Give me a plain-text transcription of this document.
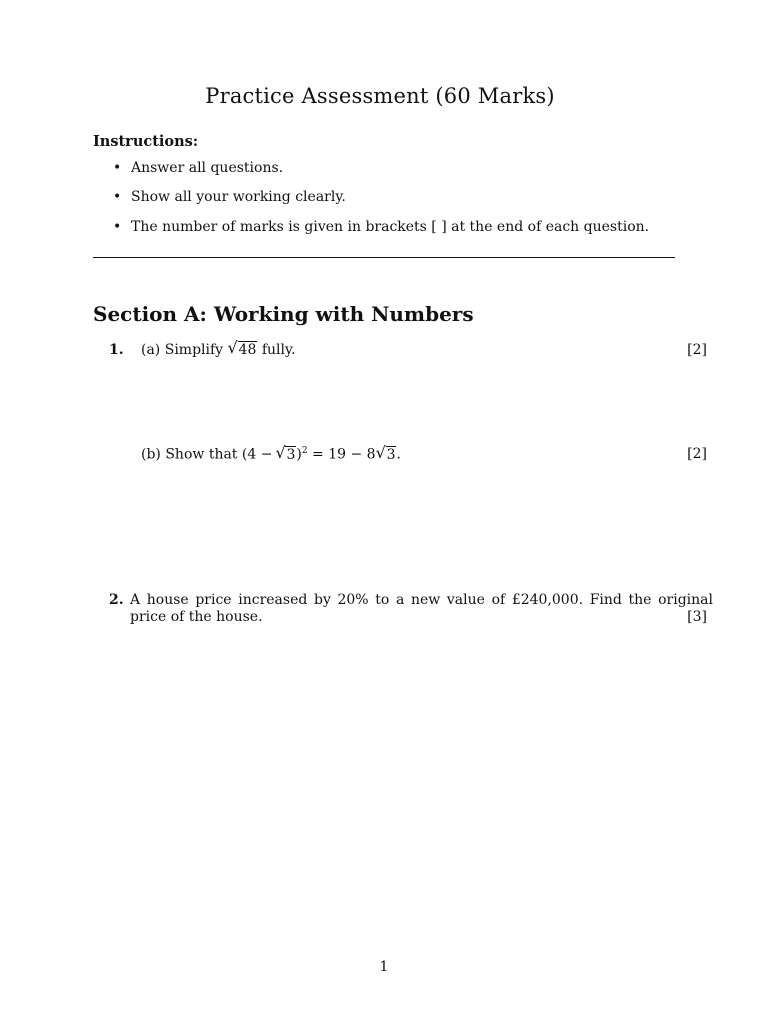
Practice Assessment (60 Marks)
Instructions:
• Answer all questions.
• Show all your working clearly.
• The number of marks is given in brackets [ ] at the end of each question.
Section A: Working with Numbers
1. (a) Simplify √ 48 fully.	[2]
(b) Show that (4 − √ 3)$^2$ = 19 − 8 √ 3.	[2]
2. A house price increased by 20% to a new value of £240,000. Find the original price of the house.	[3]
1
